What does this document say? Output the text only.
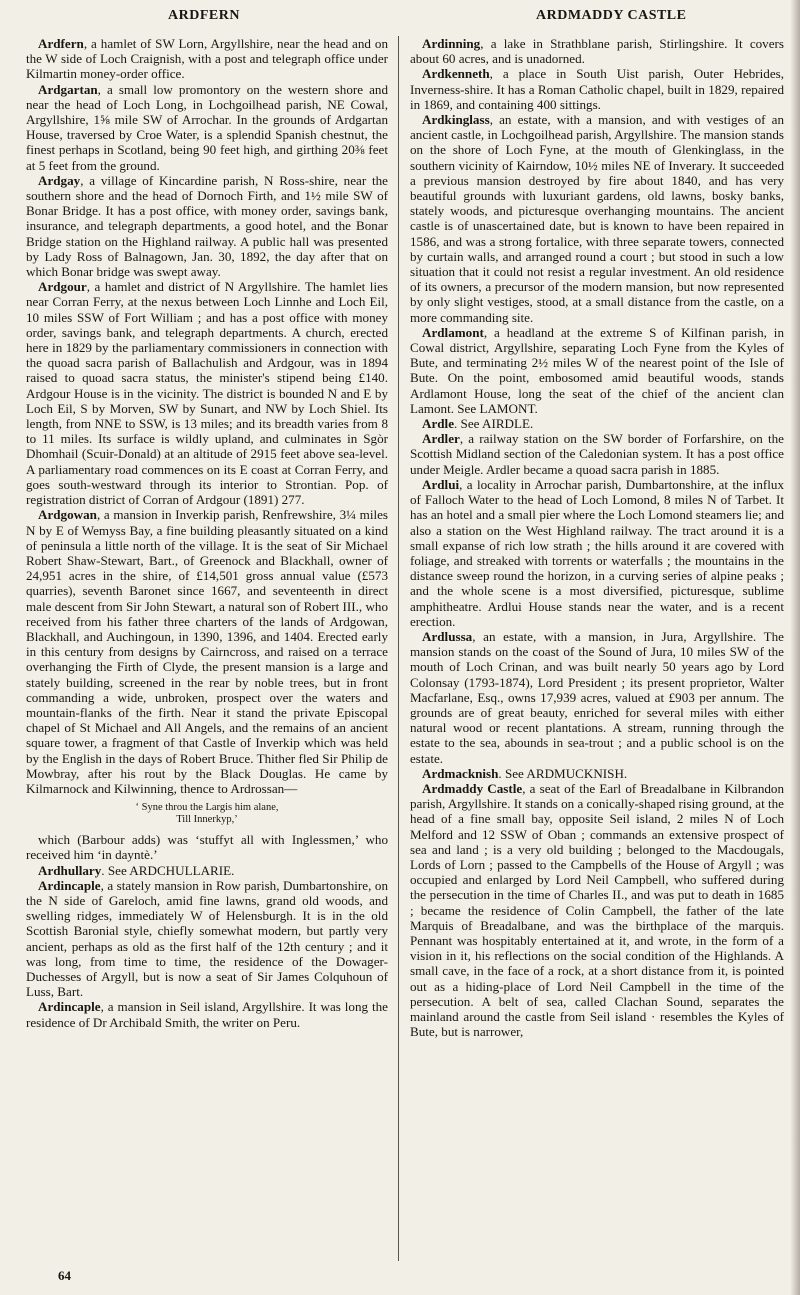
ARDFERN	ARDMADDY CASTLE

Ardfern, a hamlet of SW Lorn, Argyllshire, near the head and on the W side of Loch Craignish, with a post and telegraph office under Kilmartin money-order office.

Ardgartan, a small low promontory on the western shore and near the head of Loch Long, in Lochgoilhead parish, NE Cowal, Argyllshire, 1⅝ mile SW of Arrochar. In the grounds of Ardgartan House, traversed by Croe Water, is a splendid Spanish chestnut, the finest perhaps in Scotland, being 90 feet high, and girthing 20⅜ feet at 5 feet from the ground.

Ardgay, a village of Kincardine parish, N Ross-shire, near the southern shore and the head of Dornoch Firth, and 1½ mile SW of Bonar Bridge. It has a post office, with money order, savings bank, insurance, and telegraph departments, a good hotel, and the Bonar Bridge station on the Highland railway. A public hall was presented by Lady Ross of Balnagown, Jan. 30, 1892, the day after that on which Bonar bridge was swept away.

Ardgour, a hamlet and district of N Argyllshire. The hamlet lies near Corran Ferry, at the nexus between Loch Linnhe and Loch Eil, 10 miles SSW of Fort William ; and has a post office with money order, savings bank, and telegraph departments. A church, erected here in 1829 by the parliamentary commissioners in connection with the quoad sacra parish of Ballachulish and Ardgour, was in 1894 raised to quoad sacra status, the minister's stipend being £140. Ardgour House is in the vicinity. The district is bounded N and E by Loch Eil, S by Morven, SW by Sunart, and NW by Loch Shiel. Its length, from NNE to SSW, is 13 miles; and its breadth varies from 8 to 11 miles. Its surface is wildly upland, and culminates in Sgòr Dhomhail (Scuir-Donald) at an altitude of 2915 feet above sea-level. A parliamentary road commences on its E coast at Corran Ferry, and goes south-westward through its interior to Strontian. Pop. of registration district of Corran of Ardgour (1891) 277.

Ardgowan, a mansion in Inverkip parish, Renfrewshire, 3¼ miles N by E of Wemyss Bay, a fine building pleasantly situated on a kind of peninsula a little north of the village. It is the seat of Sir Michael Robert Shaw-Stewart, Bart., of Greenock and Blackhall, owner of 24,951 acres in the shire, of £14,501 gross annual value (£573 quarries), seventh Baronet since 1667, and seventeenth in direct male descent from Sir John Stewart, a natural son of Robert III., who received from his father three charters of the lands of Ardgowan, Blackhall, and Auchingoun, in 1390, 1396, and 1404. Erected early in this century from designs by Cairncross, and raised on a terrace overhanging the Firth of Clyde, the present mansion is a large and stately building, screened in the rear by noble trees, but in front commanding a wide, unbroken, prospect over the waters and mountain-flanks of the firth. Near it stand the private Episcopal chapel of St Michael and All Angels, and the remains of an ancient square tower, a fragment of that Castle of Inverkip which was held by the English in the days of Robert Bruce. Thither fled Sir Philip de Mowbray, after his rout by the Black Douglas. He came by Kilmarnock and Kilwinning, thence to Ardrossan—

‘ Syne throu the Largis him alane,
Till Innerkyp,’

which (Barbour adds) was ‘stuffyt all with Inglessmen,’ who received him ‘in dayntè.’

Ardhullary. See ARDCHULLARIE.

Ardincaple, a stately mansion in Row parish, Dumbartonshire, on the N side of Gareloch, amid fine lawns, grand old woods, and swelling ridges, immediately W of Helensburgh. It is in the old Scottish Baronial style, chiefly somewhat modern, but partly very ancient, perhaps as old as the first half of the 12th century ; and it was long, from time to time, the residence of the Dowager-Duchesses of Argyll, but is now a seat of Sir James Colquhoun of Luss, Bart.

Ardincaple, a mansion in Seil island, Argyllshire. It was long the residence of Dr Archibald Smith, the writer on Peru.

Ardinning, a lake in Strathblane parish, Stirlingshire. It covers about 60 acres, and is unadorned.

Ardkenneth, a place in South Uist parish, Outer Hebrides, Inverness-shire. It has a Roman Catholic chapel, built in 1829, repaired in 1869, and containing 400 sittings.

Ardkinglass, an estate, with a mansion, and with vestiges of an ancient castle, in Lochgoilhead parish, Argyllshire. The mansion stands on the shore of Loch Fyne, at the mouth of Glenkinglass, in the southern vicinity of Kairndow, 10½ miles NE of Inverary. It succeeded a previous mansion destroyed by fire about 1840, and has very beautiful grounds with luxuriant gardens, old lawns, bosky banks, stately woods, and picturesque overhanging mountains. The ancient castle is of unascertained date, but is known to have been repaired in 1586, and was a strong fortalice, with three separate towers, connected by curtain walls, and arranged round a court ; but stood in such a low situation that it could not resist a regular investment. An old residence of its owners, a precursor of the modern mansion, but now represented by only slight vestiges, stood, at a small distance from the castle, on a more commanding site.

Ardlamont, a headland at the extreme S of Kilfinan parish, in Cowal district, Argyllshire, separating Loch Fyne from the Kyles of Bute, and terminating 2½ miles W of the nearest point of the Isle of Bute. On the point, embosomed amid beautiful woods, stands Ardlamont House, long the seat of the chief of the ancient clan Lamont. See LAMONT.

Ardle. See AIRDLE.

Ardler, a railway station on the SW border of Forfarshire, on the Scottish Midland section of the Caledonian system. It has a post office under Meigle. Ardler became a quoad sacra parish in 1885.

Ardlui, a locality in Arrochar parish, Dumbartonshire, at the influx of Falloch Water to the head of Loch Lomond, 8 miles N of Tarbet. It has an hotel and a small pier where the Loch Lomond steamers lie; and also a station on the West Highland railway. The tract around it is a small expanse of rich low strath ; the hills around it are covered with foliage, and streaked with torrents or waterfalls ; the mountains in the distance sweep round the horizon, in a curving series of alpine peaks ; and the whole scene is a most diversified, picturesque, sublime amphitheatre. Ardlui House stands near the water, and is a recent erection.

Ardlussa, an estate, with a mansion, in Jura, Argyllshire. The mansion stands on the coast of the Sound of Jura, 10 miles SW of the mouth of Loch Crinan, and was built nearly 50 years ago by Lord Colonsay (1793-1874), Lord President ; its present proprietor, Walter Macfarlane, Esq., owns 17,939 acres, valued at £903 per annum. The grounds are of great beauty, enriched for several miles with either natural wood or recent plantations. A stream, running through the estate to the sea, abounds in sea-trout ; and a public school is on the estate.

Ardmacknish. See ARDMUCKNISH.

Ardmaddy Castle, a seat of the Earl of Breadalbane in Kilbrandon parish, Argyllshire. It stands on a conically-shaped rising ground, at the head of a fine small bay, opposite Seil island, 2 miles N of Loch Melford and 12 SSW of Oban ; commands an extensive prospect of sea and land ; is a very old building ; belonged to the Macdougals, Lords of Lorn ; passed to the Campbells of the House of Argyll ; was occupied and enlarged by Lord Neil Campbell, who suffered during the persecution in the time of Charles II., and was put to death in 1685 ; became the residence of Colin Campbell, the father of the late Marquis of Breadalbane, and was the birthplace of the marquis. Pennant was hospitably entertained at it, and wrote, in the form of a vision in it, his reflections on the social condition of the Highlands. A small cave, in the face of a rock, at a short distance from it, is pointed out as a hiding-place of Lord Neil Campbell in the time of the persecution. A belt of sea, called Clachan Sound, separates the mainland around the castle from Seil island · resembles the Kyles of Bute, but is narrower,

64
